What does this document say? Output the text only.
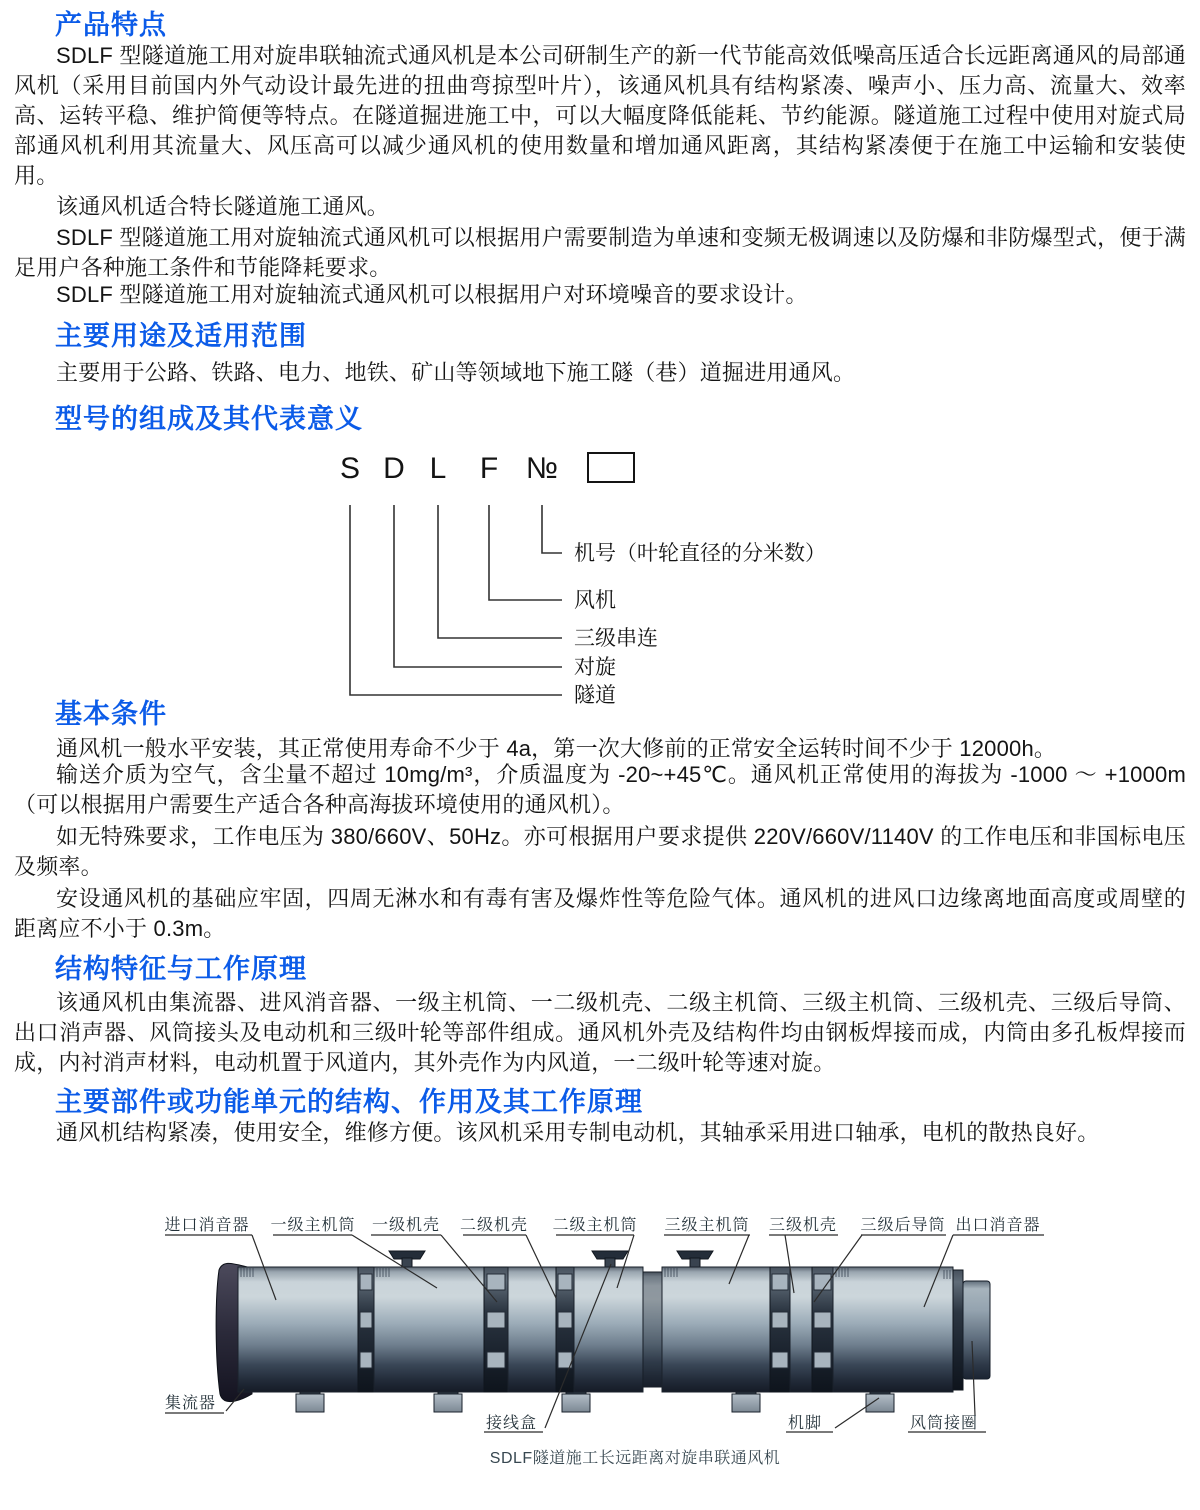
产品特点
主要用途及适用范围
型号的组成及其代表意义
基本条件
结构特征与工作原理
主要部件或功能单元的结构、作用及其工作原理
SDLF 型隧道施工用对旋串联轴流式通风机是本公司研制生产的新一代节能高效低噪高压适合长远距离通风的局部通风机（采用目前国内外气动设计最先进的扭曲弯掠型叶片），该通风机具有结构紧凑、噪声小、压力高、流量大、效率高、运转平稳、维护简便等特点。在隧道掘进施工中，可以大幅度降低能耗、节约能源。隧道施工过程中使用对旋式局部通风机利用其流量大、风压高可以减少通风机的使用数量和增加通风距离，其结构紧凑便于在施工中运输和安装使用。
该通风机适合特长隧道施工通风。
SDLF 型隧道施工用对旋轴流式通风机可以根据用户需要制造为单速和变频无极调速以及防爆和非防爆型式，便于满足用户各种施工条件和节能降耗要求。
SDLF 型隧道施工用对旋轴流式通风机可以根据用户对环境噪音的要求设计。
主要用于公路、铁路、电力、地铁、矿山等领域地下施工隧（巷）道掘进用通风。
通风机一般水平安装，其正常使用寿命不少于 4a，第一次大修前的正常安全运转时间不少于 12000h。
输送介质为空气，含尘量不超过 10mg/m³，介质温度为 -20~+45℃。通风机正常使用的海拔为 -1000 ～ +1000m（可以根据用户需要生产适合各种高海拔环境使用的通风机）。
如无特殊要求，工作电压为 380/660V、50Hz。亦可根据用户要求提供 220V/660V/1140V 的工作电压和非国标电压及频率。
安设通风机的基础应牢固，四周无淋水和有毒有害及爆炸性等危险气体。通风机的进风口边缘离地面高度或周壁的距离应不小于 0.3m。
该通风机由集流器、进风消音器、一级主机筒、一二级机壳、二级主机筒、三级主机筒、三级机壳、三级后导筒、出口消声器、风筒接头及电动机和三级叶轮等部件组成。通风机外壳及结构件均由钢板焊接而成，内筒由多孔板焊接而成，内衬消声材料，电动机置于风道内，其外壳作为内风道，一二级叶轮等速对旋。
通风机结构紧凑，使用安全，维修方便。该风机采用专制电动机，其轴承采用进口轴承，电机的散热良好。
S D L F №
机号（叶轮直径的分米数）
风机
三级串连
对旋
隧道
进口消音器 一级主机筒 一级机壳 二级机壳 二级主机筒 三级主机筒 三级机壳 三级后导筒 出口消音器
集流器
接线盒	机脚	风筒接圈
SDLF隧道施工长远距离对旋串联通风机
